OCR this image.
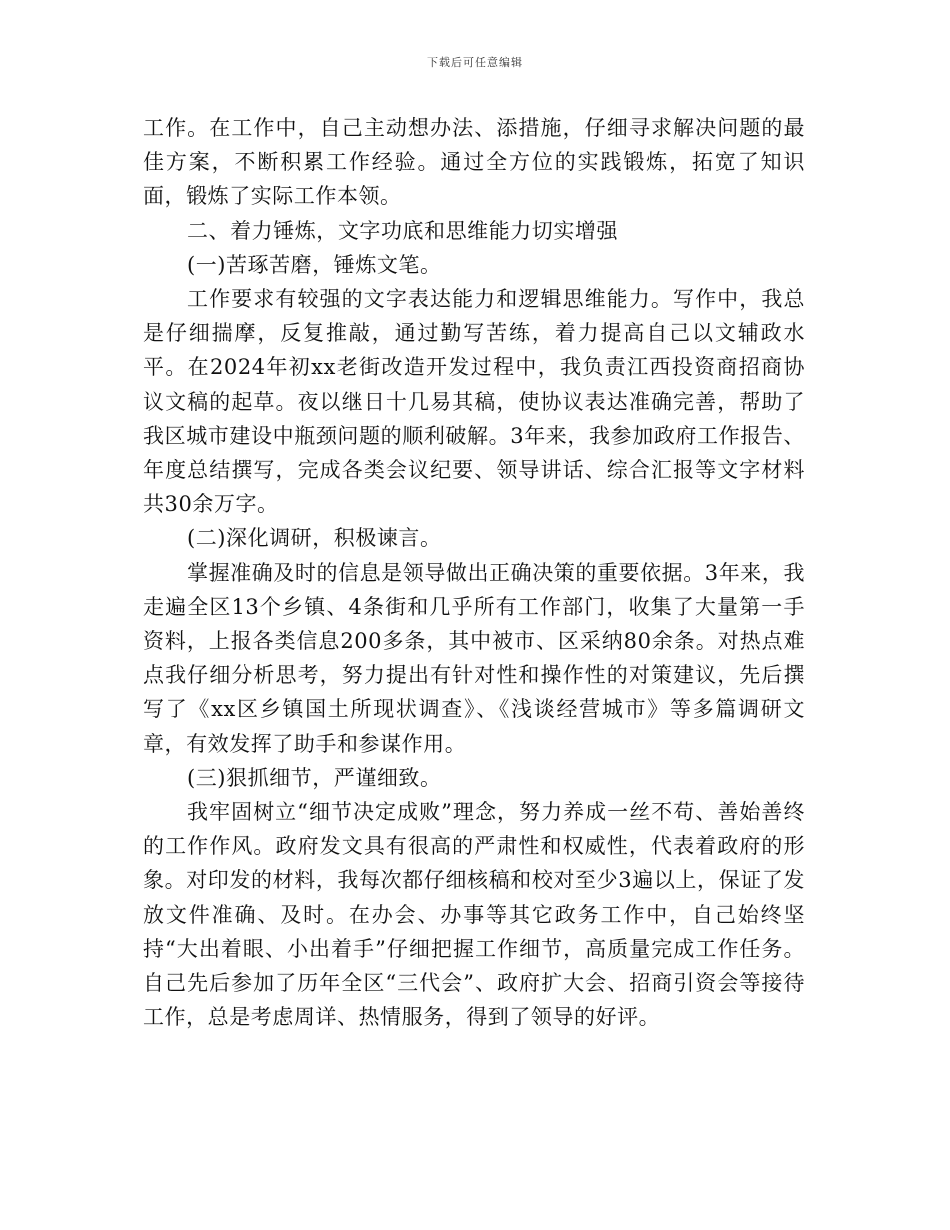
下载后可任意编辑

工作。在工作中，自己主动想办法、添措施，仔细寻求解决问题的最佳方案，不断积累工作经验。通过全方位的实践锻炼，拓宽了知识面，锻炼了实际工作本领。

二、着力锤炼，文字功底和思维能力切实增强

(一)苦琢苦磨，锤炼文笔。

工作要求有较强的文字表达能力和逻辑思维能力。写作中，我总是仔细揣摩，反复推敲，通过勤写苦练，着力提高自己以文辅政水平。在2024年初xx老街改造开发过程中，我负责江西投资商招商协议文稿的起草。夜以继日十几易其稿，使协议表达准确完善，帮助了我区城市建设中瓶颈问题的顺利破解。3年来，我参加政府工作报告、年度总结撰写，完成各类会议纪要、领导讲话、综合汇报等文字材料共30余万字。

(二)深化调研，积极谏言。

掌握准确及时的信息是领导做出正确决策的重要依据。3年来，我走遍全区13个乡镇、4条街和几乎所有工作部门，收集了大量第一手资料，上报各类信息200多条，其中被市、区采纳80余条。对热点难点我仔细分析思考，努力提出有针对性和操作性的对策建议，先后撰写了《xx区乡镇国土所现状调查》、《浅谈经营城市》等多篇调研文章，有效发挥了助手和参谋作用。

(三)狠抓细节，严谨细致。

我牢固树立“细节决定成败”理念，努力养成一丝不苟、善始善终的工作作风。政府发文具有很高的严肃性和权威性，代表着政府的形象。对印发的材料，我每次都仔细核稿和校对至少3遍以上，保证了发放文件准确、及时。在办会、办事等其它政务工作中，自己始终坚持“大出着眼、小出着手”仔细把握工作细节，高质量完成工作任务。自己先后参加了历年全区“三代会”、政府扩大会、招商引资会等接待工作，总是考虑周详、热情服务，得到了领导的好评。
